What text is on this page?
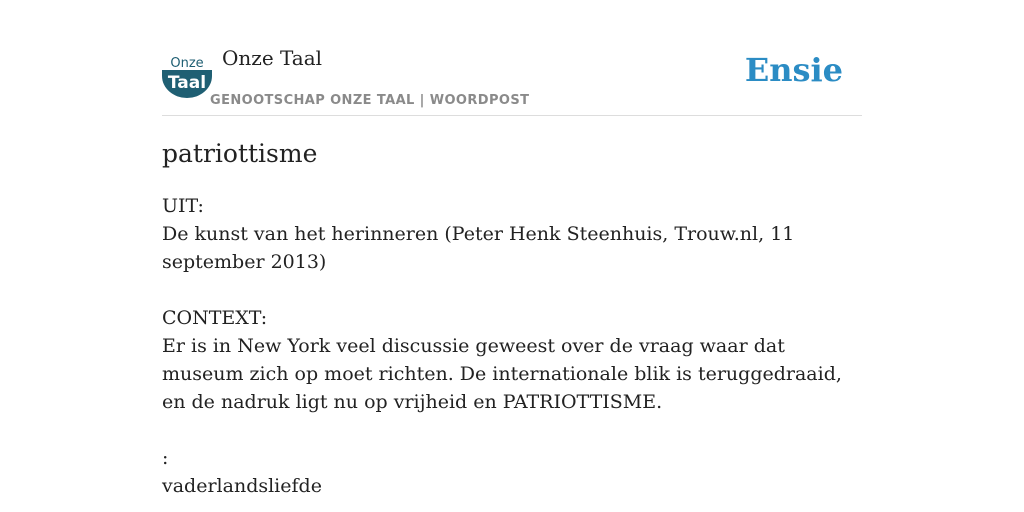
Onze
Taal
Onze Taal
GENOOTSCHAP ONZE TAAL | WOORDPOST
Ensie
patriottisme
UIT:
De kunst van het herinneren (Peter Henk Steenhuis, Trouw.nl, 11 september 2013)
CONTEXT:
Er is in New York veel discussie geweest over de vraag waar dat museum zich op moet richten. De internationale blik is teruggedraaid, en de nadruk ligt nu op vrijheid en PATRIOTTISME.
:
vaderlandsliefde
